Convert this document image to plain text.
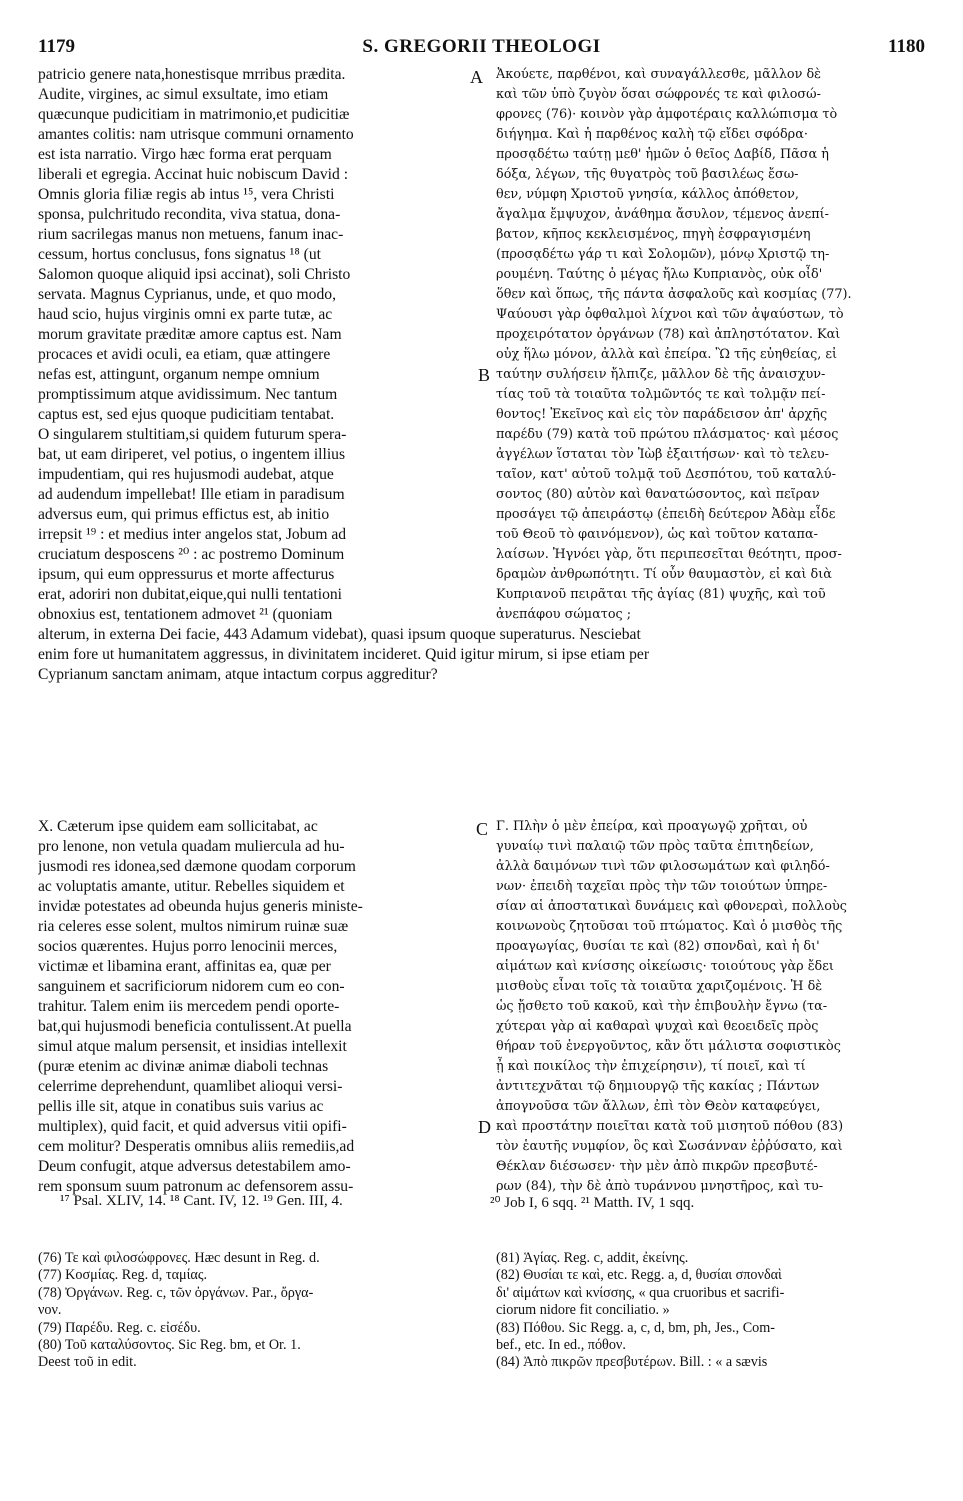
1179	S. GREGORII THEOLOGI	1180
A
B
C
D
patricio genere nata,honestisque mrribus prædita.
Audite, virgines, ac simul exsultate, imo etiam
quæcunque pudicitiam in matrimonio,et pudicitiæ
amantes colitis: nam utrisque communi ornamento
est ista narratio. Virgo hæc forma erat perquam
liberali et egregia. Accinat huic nobiscum David :
Omnis gloria filiæ regis ab intus ¹⁵, vera Christi
sponsa, pulchritudo recondita, viva statua, dona-
rium sacrilegas manus non metuens, fanum inac-
cessum, hortus conclusus, fons signatus ¹⁸ (ut
Salomon quoque aliquid ipsi accinat), soli Christo
servata. Magnus Cyprianus, unde, et quo modo,
haud scio, hujus virginis omni ex parte tutæ, ac
morum gravitate præditæ amore captus est. Nam
procaces et avidi oculi, ea etiam, quæ attingere
nefas est, attingunt, organum nempe omnium
promptissimum atque avidissimum. Nec tantum
captus est, sed ejus quoque pudicitiam tentabat.
O singularem stultitiam,si quidem futurum spera-
bat, ut eam diriperet, vel potius, o ingentem illius
impudentiam, qui res hujusmodi audebat, atque
ad audendum impellebat! Ille etiam in paradisum
adversus eum, qui primus effictus est, ab initio
irrepsit ¹⁹ : et medius inter angelos stat, Jobum ad
cruciatum desposcens ²⁰ : ac postremo Dominum
ipsum, qui eum oppressurus et morte affecturus
erat, adoriri non dubitat,eique,qui nulli tentationi
obnoxius est, tentationem admovet ²¹ (quoniam
Ἀκούετε, παρθένοι, καὶ συναγάλλεσθε, μᾶλλον δὲ
καὶ τῶν ὑπὸ ζυγὸν ὅσαι σώφρονές τε καὶ φιλοσώ-
φρονες (76)· κοινὸν γὰρ ἀμφοτέραις καλλώπισμα τὸ
διήγημα. Καὶ ἡ παρθένος καλὴ τῷ εἴδει σφόδρα·
προσᾳδέτω ταύτῃ μεθ' ἡμῶν ὁ θεῖος Δαβίδ, Πᾶσα ἡ
δόξα, λέγων, τῆς θυγατρὸς τοῦ βασιλέως ἔσω-
θεν, νύμφη Χριστοῦ γνησία, κάλλος ἀπόθετον,
ἄγαλμα ἔμψυχον, ἀνάθημα ἄσυλον, τέμενος ἀνεπί-
βατον, κῆπος κεκλεισμένος, πηγὴ ἐσφραγισμένη
(προσᾳδέτω γάρ τι καὶ Σολομῶν), μόνῳ Χριστῷ τη-
ρουμένη. Ταύτης ὁ μέγας ἤλω Κυπριανὸς, οὐκ οἶδ'
ὅθεν καὶ ὅπως, τῆς πάντα ἀσφαλοῦς καὶ κοσμίας (77).
Ψαύουσι γὰρ ὀφθαλμοὶ λίχνοι καὶ τῶν ἀψαύστων, τὸ
προχειρότατον ὀργάνων (78) καὶ ἀπληστότατον. Καὶ
οὐχ ἥλω μόνον, ἀλλὰ καὶ ἐπείρα. Ὢ τῆς εὐηθείας, εἰ
ταύτην συλήσειν ἤλπιζε, μᾶλλον δὲ τῆς ἀναισχυν-
τίας τοῦ τὰ τοιαῦτα τολμῶντός τε καὶ τολμᾷν πεί-
θοντος! Ἐκεῖνος καὶ εἰς τὸν παράδεισον ἀπ' ἀρχῆς
παρέδυ (79) κατὰ τοῦ πρώτου πλάσματος· καὶ μέσος
ἀγγέλων ἵσταται τὸν Ἰὼβ ἐξαιτήσων· καὶ τὸ τελευ-
ταῖον, κατ' αὐτοῦ τολμᾷ τοῦ Δεσπότου, τοῦ καταλύ-
σοντος (80) αὐτὸν καὶ θανατώσοντος, καὶ πεῖραν
προσάγει τῷ ἀπειράστῳ (ἐπειδὴ δεύτερον Ἀδὰμ εἶδε
τοῦ Θεοῦ τὸ φαινόμενον), ὡς καὶ τοῦτον καταπα-
λαίσων. Ἠγνόει γὰρ, ὅτι περιπεσεῖται θεότητι, προσ-
δραμὼν ἀνθρωπότητι. Τί οὖν θαυμαστὸν, εἰ καὶ διὰ
Κυπριανοῦ πειρᾶται τῆς ἁγίας (81) ψυχῆς, καὶ τοῦ
ἀνεπάφου σώματος ;
alterum, in externa Dei facie, 443 Adamum videbat), quasi ipsum quoque superaturus. Nesciebat
enim fore ut humanitatem aggressus, in divinitatem incideret. Quid igitur mirum, si ipse etiam per
Cyprianum sanctam animam, atque intactum corpus aggreditur?
X. Cæterum ipse quidem eam sollicitabat, ac
pro lenone, non vetula quadam muliercula ad hu-
jusmodi res idonea,sed dæmone quodam corporum
ac voluptatis amante, utitur. Rebelles siquidem et
invidæ potestates ad obeunda hujus generis ministe-
ria celeres esse solent, multos nimirum ruinæ suæ
socios quærentes. Hujus porro lenocinii merces,
victimæ et libamina erant, affinitas ea, quæ per
sanguinem et sacrificiorum nidorem cum eo con-
trahitur. Talem enim iis mercedem pendi oporte-
bat,qui hujusmodi beneficia contulissent.At puella
simul atque malum persensit, et insidias intellexit
(puræ etenim ac divinæ animæ diaboli technas
celerrime deprehendunt, quamlibet alioqui versi-
pellis ille sit, atque in conatibus suis varius ac
multiplex), quid facit, et quid adversus vitii opifi-
cem molitur? Desperatis omnibus aliis remediis,ad
Deum confugit, atque adversus detestabilem amo-
rem sponsum suum patronum ac defensorem assu-
Γ. Πλὴν ὁ μὲν ἐπείρα, καὶ προαγωγῷ χρῆται, οὐ
γυναίῳ τινὶ παλαιῷ τῶν πρὸς ταῦτα ἐπιτηδείων,
ἀλλὰ δαιμόνων τινὶ τῶν φιλοσωμάτων καὶ φιληδό-
νων· ἐπειδὴ ταχεῖαι πρὸς τὴν τῶν τοιούτων ὑπηρε-
σίαν αἱ ἀποστατικαὶ δυνάμεις καὶ φθονεραὶ, πολλοὺς
κοινωνοὺς ζητοῦσαι τοῦ πτώματος. Καὶ ὁ μισθὸς τῆς
προαγωγίας, θυσίαι τε καὶ (82) σπονδαὶ, καὶ ἡ δι'
αἱμάτων καὶ κνίσσης οἰκείωσις· τοιούτους γὰρ ἔδει
μισθοὺς εἶναι τοῖς τὰ τοιαῦτα χαριζομένοις. Ἡ δὲ
ὡς ᾔσθετο τοῦ κακοῦ, καὶ τὴν ἐπιβουλὴν ἔγνω (τα-
χύτεραι γὰρ αἱ καθαραὶ ψυχαὶ καὶ θεοειδεῖς πρὸς
θήραν τοῦ ἐνεργοῦντος, κἂν ὅτι μάλιστα σοφιστικὸς
ᾖ καὶ ποικίλος τὴν ἐπιχείρησιν), τί ποιεῖ, καὶ τί
ἀντιτεχνᾶται τῷ δημιουργῷ τῆς κακίας ; Πάντων
ἀπογνοῦσα τῶν ἄλλων, ἐπὶ τὸν Θεὸν καταφεύγει,
καὶ προστάτην ποιεῖται κατὰ τοῦ μισητοῦ πόθου (83)
τὸν ἑαυτῆς νυμφίον, ὃς καὶ Σωσάνναν ἐῤῥύσατο, καὶ
Θέκλαν διέσωσεν· τὴν μὲν ἀπὸ πικρῶν πρεσβυτέ-
ρων (84), τὴν δὲ ἀπὸ τυράννου μνηστῆρος, καὶ τυ-
¹⁷ Psal. XLIV, 14. ¹⁸ Cant. IV, 12. ¹⁹ Gen. III, 4.	²⁰ Job I, 6 sqq. ²¹ Matth. IV, 1 sqq.
(76) Τε καὶ φιλοσώφρονες. Hæc desunt in Reg. d.
(77) Κοσμίας. Reg. d, ταμίας.
(78) Ὀργάνων. Reg. c, τῶν ὀργάνων. Par., ὄργα-
νον.
(79) Παρέδυ. Reg. c. εἰσέδυ.
(80) Τοῦ καταλύσοντος. Sic Reg. bm, et Or. 1.
Deest τοῦ in edit.
(81) Ἁγίας. Reg. c, addit, ἐκείνης.
(82) Θυσίαι τε καὶ, etc. Regg. a, d, θυσίαι σπονδαὶ
δι' αἱμάτων καὶ κνίσσης, « qua cruoribus et sacrifi-
ciorum nidore fit conciliatio. »
(83) Πόθου. Sic Regg. a, c, d, bm, ph, Jes., Com-
bef., etc. In ed., πόθον.
(84) Ἀπὸ πικρῶν πρεσβυτέρων. Bill. : « a sævis
